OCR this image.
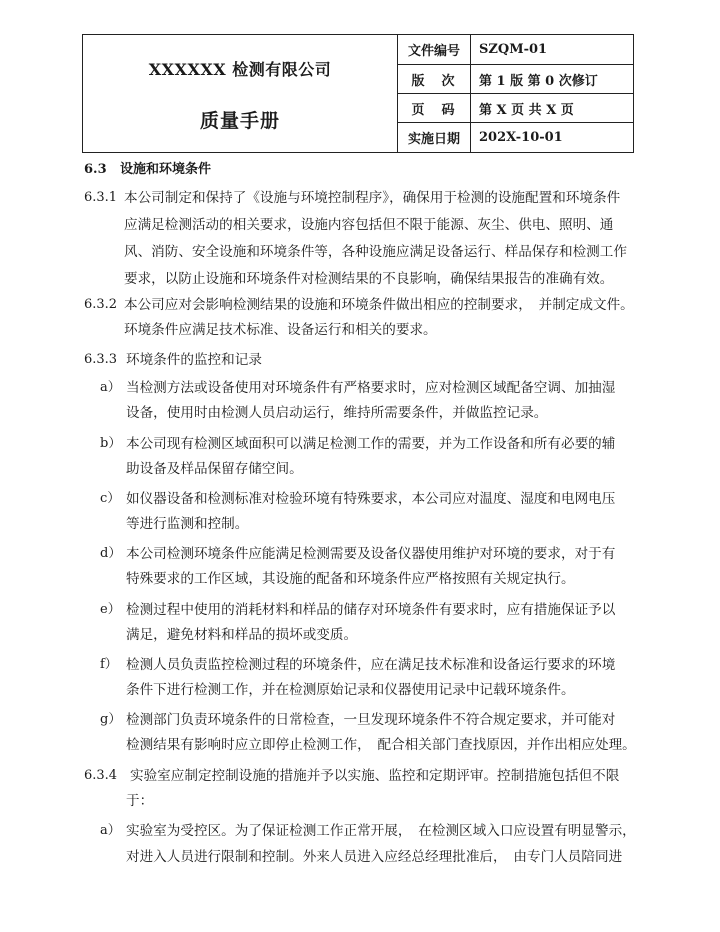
XXXXXX 检测有限公司
质量手册	文件编号	SZQM-01
	版　次	第 1 版 第 0 次修订
	页　码	第 X 页 共 X 页
	实施日期	202X-10-01
6.3 设施和环境条件
6.3.1 本公司制定和保持了《设施与环境控制程序》，确保用于检测的设施配置和环境条件
应满足检测活动的相关要求，设施内容包括但不限于能源、灰尘、供电、照明、通
风、消防、安全设施和环境条件等，各种设施应满足设备运行、样品保存和检测工作
要求，以防止设施和环境条件对检测结果的不良影响，确保结果报告的准确有效。
6.3.2 本公司应对会影响检测结果的设施和环境条件做出相应的控制要求，　并制定成文件。
环境条件应满足技术标准、设备运行和相关的要求。
6.3.3 环境条件的监控和记录
a） 当检测方法或设备使用对环境条件有严格要求时，应对检测区域配备空调、加抽湿
设备，使用时由检测人员启动运行，维持所需要条件，并做监控记录。
b） 本公司现有检测区域面积可以满足检测工作的需要，并为工作设备和所有必要的辅
助设备及样品保留存储空间。
c） 如仪器设备和检测标准对检验环境有特殊要求，本公司应对温度、湿度和电网电压
等进行监测和控制。
d） 本公司检测环境条件应能满足检测需要及设备仪器使用维护对环境的要求，对于有
特殊要求的工作区域，其设施的配备和环境条件应严格按照有关规定执行。
e） 检测过程中使用的消耗材料和样品的储存对环境条件有要求时，应有措施保证予以
满足，避免材料和样品的损坏或变质。
f） 检测人员负责监控检测过程的环境条件，应在满足技术标准和设备运行要求的环境
条件下进行检测工作，并在检测原始记录和仪器使用记录中记载环境条件。
g） 检测部门负责环境条件的日常检查，一旦发现环境条件不符合规定要求，并可能对
检测结果有影响时应立即停止检测工作，　配合相关部门查找原因，并作出相应处理。
6.3.4 实验室应制定控制设施的措施并予以实施、监控和定期评审。控制措施包括但不限
于：
a） 实验室为受控区。为了保证检测工作正常开展，　在检测区域入口应设置有明显警示，
对进入人员进行限制和控制。外来人员进入应经总经理批准后，　由专门人员陪同进
